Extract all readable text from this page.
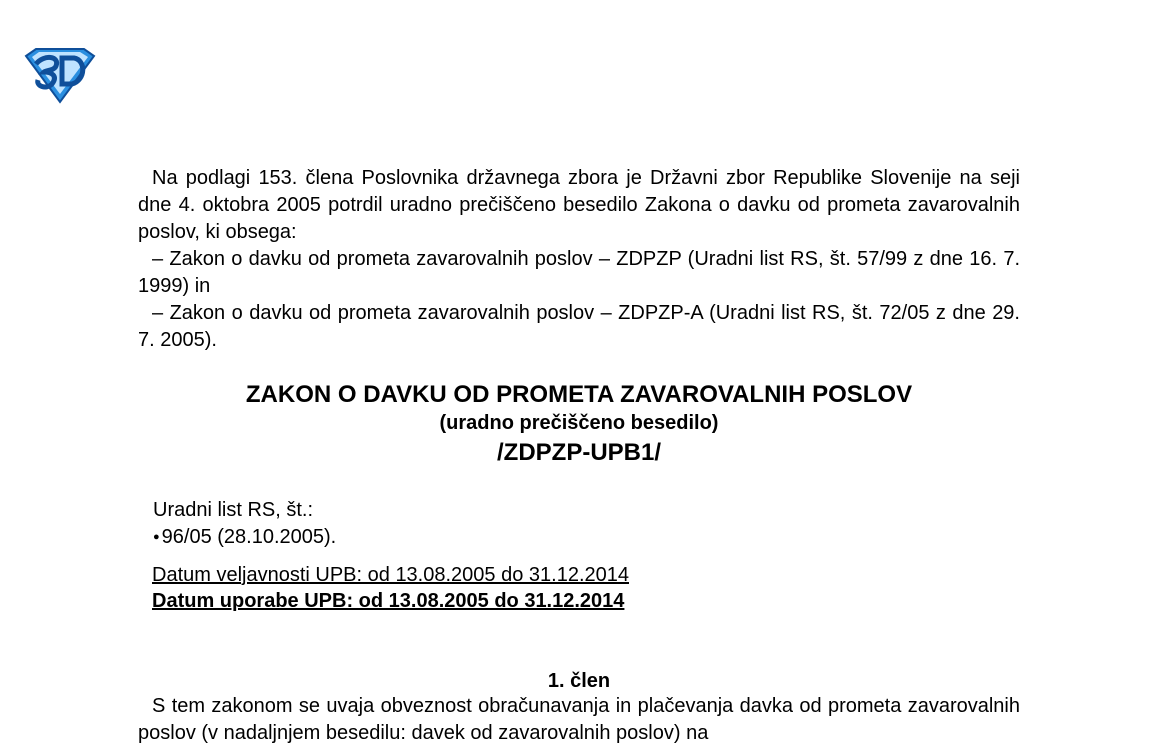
Na podlagi 153. člena Poslovnika državnega zbora je Državni zbor Republike Slovenije na seji dne 4. oktobra 2005 potrdil uradno prečiščeno besedilo Zakona o davku od prometa zavarovalnih poslov, ki obsega:

– Zakon o davku od prometa zavarovalnih poslov – ZDPZP (Uradni list RS, št. 57/99 z dne 16. 7. 1999) in

– Zakon o davku od prometa zavarovalnih poslov – ZDPZP-A (Uradni list RS, št. 72/05 z dne 29. 7. 2005).

ZAKON O DAVKU OD PROMETA ZAVAROVALNIH POSLOV
(uradno prečiščeno besedilo)
/ZDPZP-UPB1/
Uradni list RS, št.:
● 96/05 (28.10.2005).
Datum veljavnosti UPB: od 13.08.2005 do 31.12.2014
Datum uporabe UPB: od 13.08.2005 do 31.12.2014
1. člen

S tem zakonom se uvaja obveznost obračunavanja in plačevanja davka od prometa zavarovalnih poslov (v nadaljnjem besedilu: davek od zavarovalnih poslov) na
